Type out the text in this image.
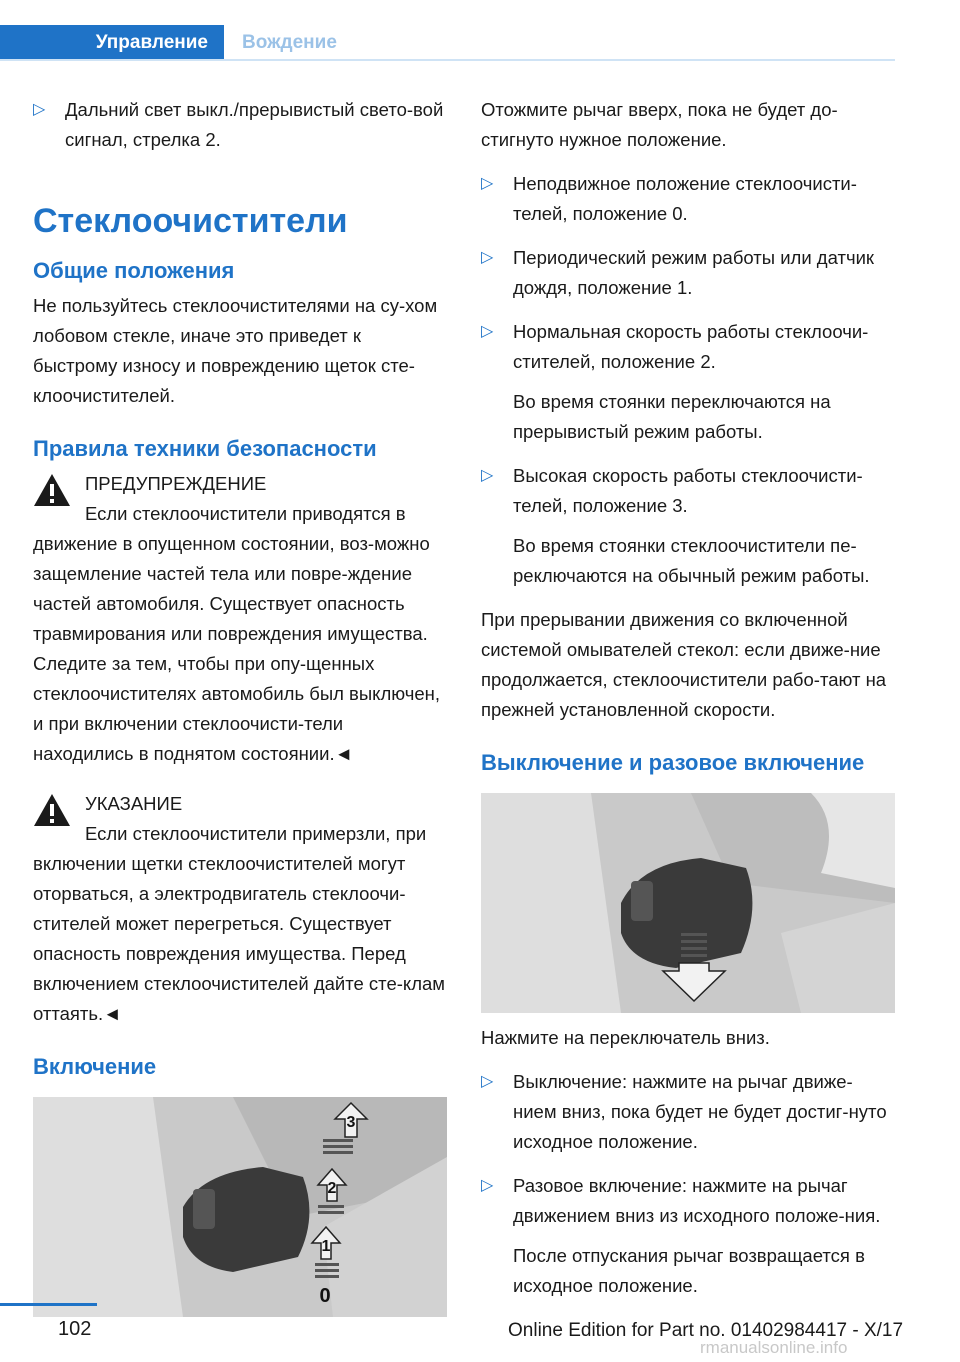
Управление	Вождение
▷ Дальний свет выкл./прерывистый свето-вой сигнал, стрелка 2.
Стеклоочистители
Общие положения

Не пользуйтесь стеклоочистителями на су-хом лобовом стекле, иначе это приведет к быстрому износу и повреждению щеток сте-клоочистителей.

Правила техники безопасности
ПРЕДУПРЕЖДЕНИЕ
Если стеклоочистители приводятся в
движение в опущенном состоянии, воз-можно защемление частей тела или повре-ждение частей автомобиля. Существует опасность травмирования или повреждения имущества. Следите за тем, чтобы при опу-щенных стеклоочистителях автомобиль был выключен, и при включении стеклоочисти-тели находились в поднятом состоянии.◄
УКАЗАНИЕ
Если стеклоочистители примерзли, при
включении щетки стеклоочистителей могут оторваться, а электродвигатель стеклоочи-стителей может перегреться. Существует опасность повреждения имущества. Перед включением стеклоочистителей дайте сте-клам оттаять.◄
Включение
3
2
1
0

Отожмите рычаг вверх, пока не будет до-стигнуто нужное положение.

▷ Неподвижное положение стеклоочисти-телей, положение 0.
▷ Периодический режим работы или датчик дождя, положение 1.
▷ Нормальная скорость работы стеклоочи-стителей, положение 2.
Во время стоянки переключаются на прерывистый режим работы.
▷ Высокая скорость работы стеклоочисти-телей, положение 3.
Во время стоянки стеклоочистители пе-реключаются на обычный режим работы.

При прерывании движения со включенной системой омывателей стекол: если движе-ние продолжается, стеклоочистители рабо-тают на прежней установленной скорости.

Выключение и разовое включение

Нажмите на переключатель вниз.

▷ Выключение: нажмите на рычаг движе-нием вниз, пока будет не будет достиг-нуто исходное положение.
▷ Разовое включение: нажмите на рычаг движением вниз из исходного положе-ния.
После отпускания рычаг возвращается в исходное положение.
102	Online Edition for Part no. 01402984417 - X/17
rmanualsonline.info
